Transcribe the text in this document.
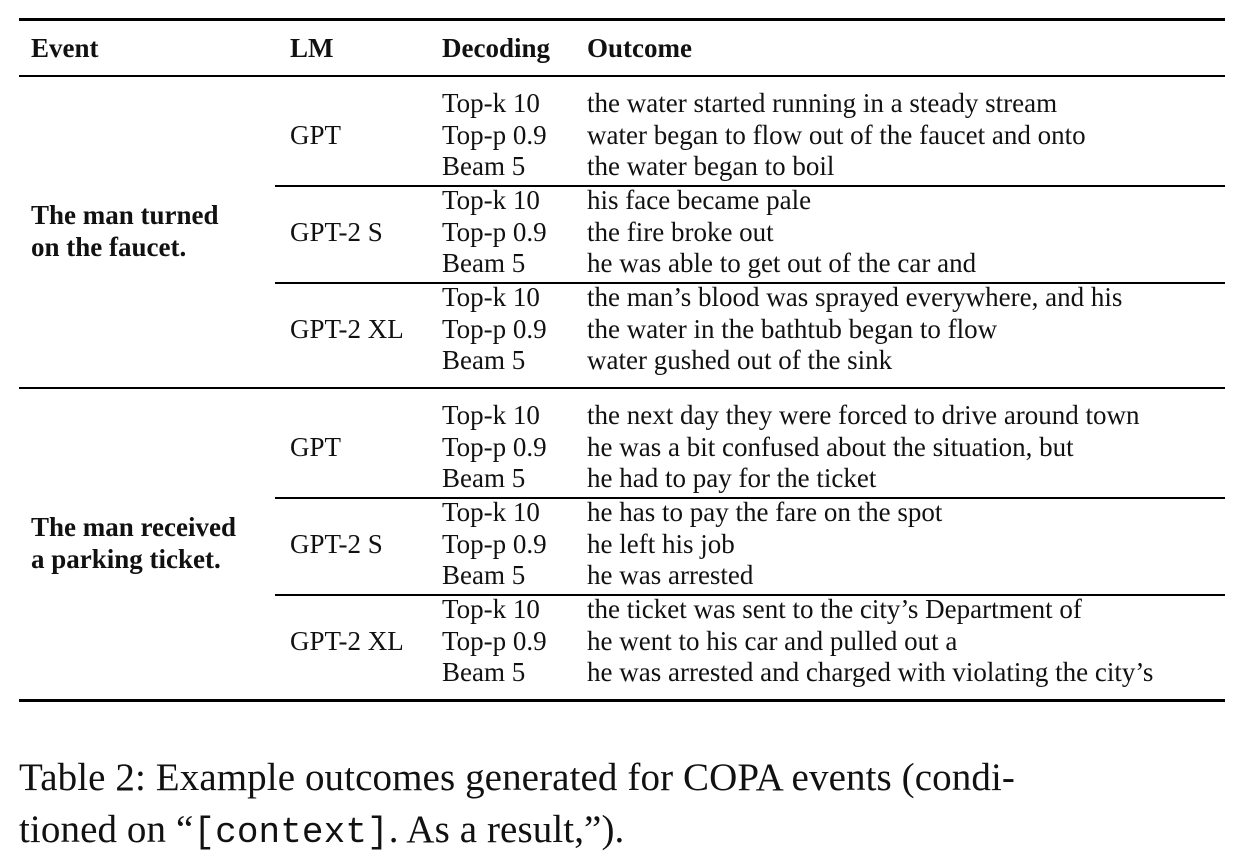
Event	LM	Decoding Outcome
The man turned
on the faucet.
GPT
Top-k 10
Top-p 0.9
Beam 5
the water started running in a steady stream
water began to flow out of the faucet and onto
the water began to boil
GPT-2 S
Top-k 10
Top-p 0.9
Beam 5
his face became pale
the fire broke out
he was able to get out of the car and
GPT-2 XL
Top-k 10
Top-p 0.9
Beam 5
the man’s blood was sprayed everywhere, and his
the water in the bathtub began to flow
water gushed out of the sink
The man received
a parking ticket.
GPT
Top-k 10
Top-p 0.9
Beam 5
the next day they were forced to drive around town
he was a bit confused about the situation, but
he had to pay for the ticket
GPT-2 S
Top-k 10
Top-p 0.9
Beam 5
he has to pay the fare on the spot
he left his job
he was arrested
GPT-2 XL
Top-k 10
Top-p 0.9
Beam 5
the ticket was sent to the city’s Department of
he went to his car and pulled out a
he was arrested and charged with violating the city’s
Table 2: Example outcomes generated for COPA events (condi-
tioned on “[context]. As a result,”).
